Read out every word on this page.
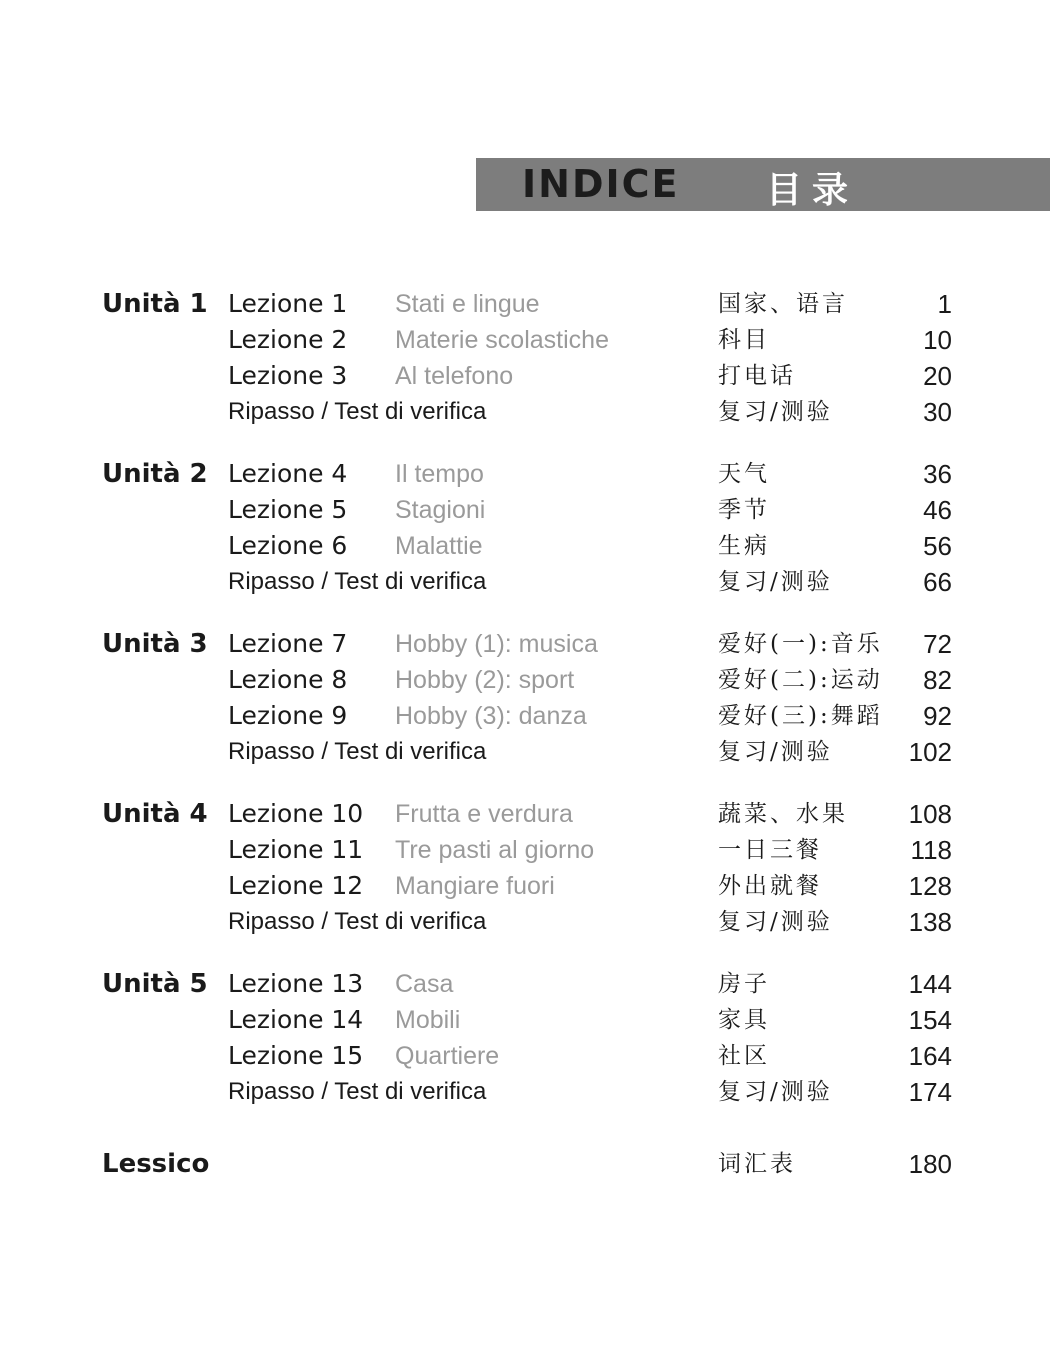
INDICE 目录
Unità 1 Lezione 1 Stati e lingue	国家、语言	1
Lezione 2 Materie scolastiche	科目	10
Lezione 3 Al telefono	打电话	20
Ripasso / Test di verifica	复习/测验	30
Unità 2 Lezione 4 Il tempo	天气	36
Lezione 5 Stagioni	季节	46
Lezione 6 Malattie	生病	56
Ripasso / Test di verifica	复习/测验	66
Unità 3 Lezione 7 Hobby (1): musica	爱好(一):音乐 72
Lezione 8 Hobby (2): sport	爱好(二):运动 82
Lezione 9 Hobby (3): danza	爱好(三):舞蹈 92
Ripasso / Test di verifica	复习/测验	102
Unità 4 Lezione 10 Frutta e verdura	蔬菜、水果 108
Lezione 11 Tre pasti al giorno	一日三餐	118
Lezione 12 Mangiare fuori	外出就餐	128
Ripasso / Test di verifica	复习/测验	138
Unità 5 Lezione 13 Casa	房子	144
Lezione 14 Mobili	家具	154
Lezione 15 Quartiere	社区	164
Ripasso / Test di verifica	复习/测验	174
Lessico	词汇表	180
